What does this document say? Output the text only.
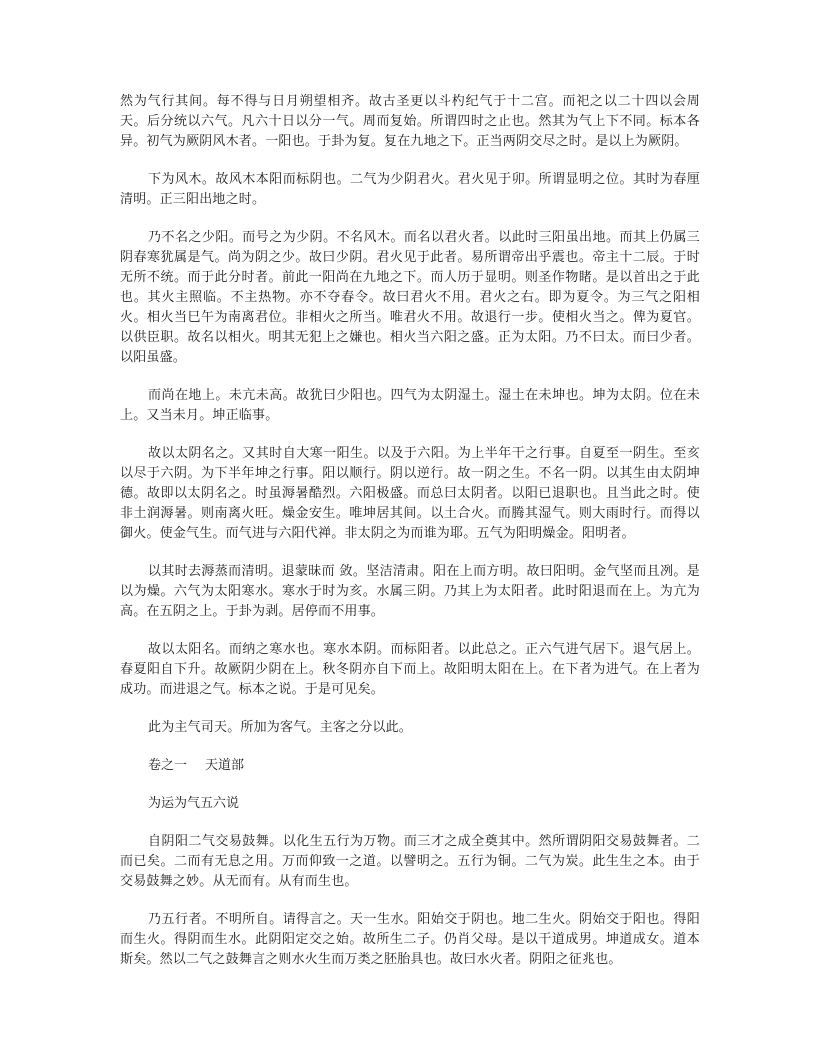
然为气行其间。每不得与日月朔望相齐。故古圣更以斗杓纪气于十二宫。而祀之以二十四以会周天。后分统以六气。凡六十日以分一气。周而复始。所谓四时之止也。然其为气上下不同。标本各异。初气为厥阴风木者。一阳也。于卦为复。复在九地之下。正当两阴交尽之时。是以上为厥阴。

下为风木。故风木本阳而标阴也。二气为少阴君火。君火见于卯。所谓显明之位。其时为春厘清明。正三阳出地之时。

乃不名之少阳。而号之为少阴。不名风木。而名以君火者。以此时三阳虽出地。而其上仍属三阴春寒犹属是气。尚为阴之少。故曰少阴。君火见于此者。易所谓帝出乎震也。帝主十二辰。于时无所不统。而于此分时者。前此一阳尚在九地之下。而人历于显明。则圣作物睹。是以首出之于此也。其火主照临。不主热物。亦不夺春令。故曰君火不用。君火之右。即为夏令。为三气之阳相火。相火当巳午为南离君位。非相火之所当。唯君火不用。故退行一步。使相火当之。俾为夏官。以供臣职。故名以相火。明其无犯上之嫌也。相火当六阳之盛。正为太阳。乃不曰太。而曰少者。以阳虽盛。

而尚在地上。未亢未高。故犹曰少阳也。四气为太阴湿土。湿土在未坤也。坤为太阴。位在未上。又当未月。坤正临事。

故以太阴名之。又其时自大寒一阳生。以及于六阳。为上半年干之行事。自夏至一阴生。至亥以尽于六阴。为下半年坤之行事。阳以顺行。阴以逆行。故一阴之生。不名一阴。以其生由太阴坤德。故即以太阴名之。时虽溽暑酷烈。六阳极盛。而总曰太阴者。以阳已退职也。且当此之时。使非土润溽暑。则南离火旺。燥金安生。唯坤居其间。以土合火。而腾其湿气。则大雨时行。而得以御火。使金气生。而气进与六阳代禅。非太阴之为而谁为耶。五气为阳明燥金。阳明者。

以其时去溽蒸而清明。退蒙昧而 敛。坚洁清肃。阳在上而方明。故曰阳明。金气坚而且冽。是以为燥。六气为太阳寒水。寒水于时为亥。水属三阴。乃其上为太阳者。此时阳退而在上。为亢为高。在五阴之上。于卦为剥。居停而不用事。

故以太阳名。而纳之寒水也。寒水本阴。而标阳者。以此总之。正六气进气居下。退气居上。春夏阳自下升。故厥阴少阴在上。秋冬阴亦自下而上。故阳明太阳在上。在下者为进气。在上者为成功。而进退之气。标本之说。于是可见矣。

此为主气司天。所加为客气。主客之分以此。

卷之一 天道部
为运为气五六说

自阴阳二气交易鼓舞。以化生五行为万物。而三才之成全奠其中。然所谓阴阳交易鼓舞者。二而已矣。二而有无息之用。万而仰致一之道。以譬明之。五行为铜。二气为炭。此生生之本。由于交易鼓舞之妙。从无而有。从有而生也。

乃五行者。不明所自。请得言之。天一生水。阳始交于阴也。地二生火。阴始交于阳也。得阳而生火。得阴而生水。此阴阳定交之始。故所生二子。仍肖父母。是以干道成男。坤道成女。道本斯矣。然以二气之鼓舞言之则水火生而万类之胚胎具也。故曰水火者。阴阳之征兆也。
